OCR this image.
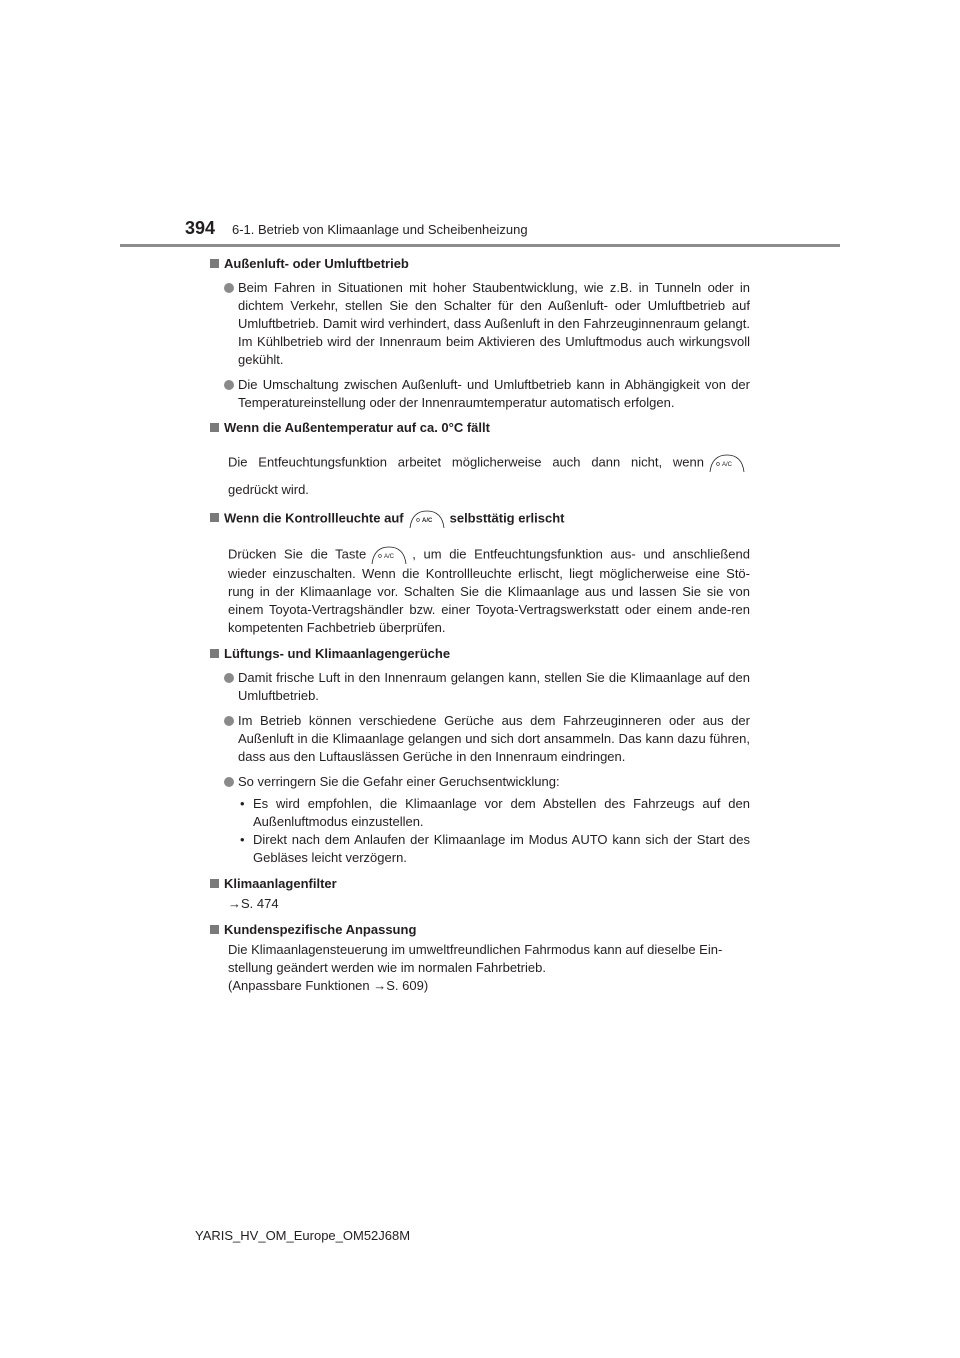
394 6-1. Betrieb von Klimaanlage und Scheibenheizung
Außenluft- oder Umluftbetrieb
Beim Fahren in Situationen mit hoher Staubentwicklung, wie z.B. in Tunneln oder in dichtem Verkehr, stellen Sie den Schalter für den Außenluft- oder Umluftbetrieb auf Umluftbetrieb. Damit wird verhindert, dass Außenluft in den Fahrzeuginnenraum gelangt. Im Kühlbetrieb wird der Innenraum beim Aktivieren des Umluftmodus auch wirkungsvoll gekühlt.
Die Umschaltung zwischen Außenluft- und Umluftbetrieb kann in Abhängigkeit von der Temperatureinstellung oder der Innenraumtemperatur automatisch erfolgen.
Wenn die Außentemperatur auf ca. 0°C fällt
Die Entfeuchtungsfunktion arbeitet möglicherweise auch dann nicht, wenn	A/C
gedrückt wird.
Wenn die Kontrollleuchte auf	A/C selbsttätig erlischt
Drücken Sie die Taste	A/C , um die Entfeuchtungsfunktion aus- und anschließend wieder einzuschalten. Wenn die Kontrollleuchte erlischt, liegt möglicherweise eine Stö-rung in der Klimaanlage vor. Schalten Sie die Klimaanlage aus und lassen Sie sie von einem Toyota-Vertragshändler bzw. einer Toyota-Vertragswerkstatt oder einem ande-ren kompetenten Fachbetrieb überprüfen.
Lüftungs- und Klimaanlagengerüche
Damit frische Luft in den Innenraum gelangen kann, stellen Sie die Klimaanlage auf den Umluftbetrieb.
Im Betrieb können verschiedene Gerüche aus dem Fahrzeuginneren oder aus der Außenluft in die Klimaanlage gelangen und sich dort ansammeln. Das kann dazu führen, dass aus den Luftauslässen Gerüche in den Innenraum eindringen.
So verringern Sie die Gefahr einer Geruchsentwicklung:
• Es wird empfohlen, die Klimaanlage vor dem Abstellen des Fahrzeugs auf den Außenluftmodus einzustellen.
• Direkt nach dem Anlaufen der Klimaanlage im Modus AUTO kann sich der Start des Gebläses leicht verzögern.
Klimaanlagenfilter
→S. 474
Kundenspezifische Anpassung
Die Klimaanlagensteuerung im umweltfreundlichen Fahrmodus kann auf dieselbe Ein-stellung geändert werden wie im normalen Fahrbetrieb.
(Anpassbare Funktionen →S. 609)
YARIS_HV_OM_Europe_OM52J68M
